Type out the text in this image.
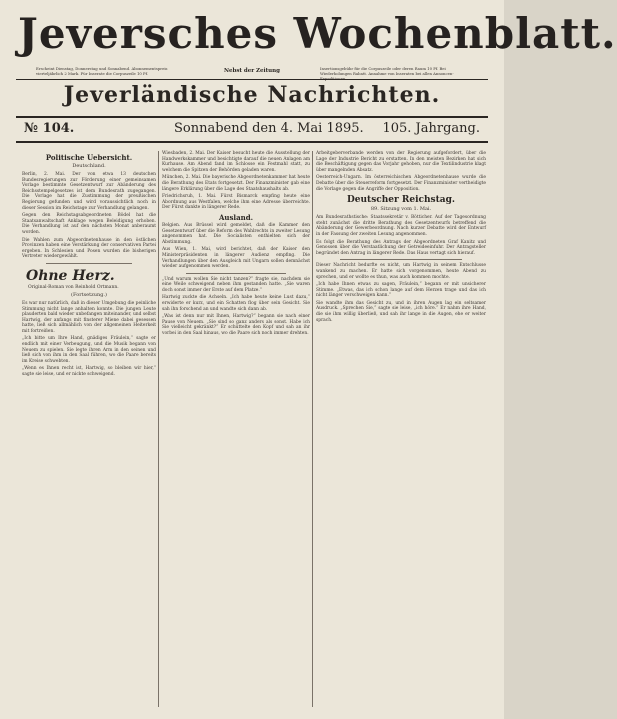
Jeversches Wochenblatt.
Erscheint Dienstag, Donnerstag und Sonnabend. Abonnementspreis vierteljährlich 2 Mark. Für Inserate die Corpuszeile 10 Pf.	Nebst der Zeitung	Insertionsgebühr für die Corpuszeile oder deren Raum 10 Pf. Bei Wiederholungen Rabatt. Annahme von Inseraten bei allen Annoncen-
Jeverländische Nachrichten.
№ 104.	Sonnabend den 4. Mai 1895. 105. Jahrgang.
Politische Uebersicht.
Deutschland.

Berlin, 2. Mai. Der von etwa 13 deutschen Bundesregierungen zur Förderung einer gemeinsamen Vorlage bestimmte Gesetzentwurf zur Abänderung des Reichsstempelgesetzes ist dem Bundesrath zugegangen. Die Vorlage hat die Zustimmung der preußischen Regierung gefunden und wird voraussichtlich noch in dieser Session im Reichstage zur Verhandlung gelangen.

Gegen den Reichstagsabgeordneten Bödel hat die Staatsanwaltschaft Anklage wegen Beleidigung erhoben. Die Verhandlung ist auf den nächsten Monat anberaumt worden.

Die Wahlen zum Abgeordnetenhause in den östlichen Provinzen haben eine Verstärkung der conservativen Partei ergeben. In Schlesien und Posen wurden die bisherigen Vertreter wiedergewählt.

Ohne Herz.
Original-Roman von Reinhold Ortmann.
(Fortsetzung.)

Es war nur natürlich, daß in dieser Umgebung die peinliche Stimmung nicht lange anhalten konnte. Die jungen Leute plauderten bald wieder unbefangen miteinander, und selbst Hartwig, der anfangs mit finsterer Miene dabei gesessen hatte, ließ sich allmählich von der allgemeinen Heiterkeit mit fortreißen.

„Ich bitte um Ihre Hand, gnädiges Fräulein,“ sagte er endlich mit einer Verbeugung, und die Musik begann von Neuem zu spielen. Sie legte ihren Arm in den seinen und ließ sich von ihm in den Saal führen, wo die Paare bereits im Kreise schwebten.

„Wenn es Ihnen recht ist, Hartwig, so bleiben wir hier,“ sagte sie leise, und er nickte schweigend.

Wiesbaden, 2. Mai. Der Kaiser besucht heute die Ausstellung der Handwerkskammer und besichtigte darauf die neuen Anlagen am Kurhause. Am Abend fand im Schlosse ein Festmahl statt, zu welchem die Spitzen der Behörden geladen waren.

München, 2. Mai. Die bayerische Abgeordnetenkammer hat heute die Berathung des Etats fortgesetzt. Der Finanzminister gab eine längere Erklärung über die Lage des Staatshaushalts ab.

Friedrichsruh, 1. Mai. Fürst Bismarck empfing heute eine Abordnung aus Westfalen, welche ihm eine Adresse überreichte. Der Fürst dankte in längerer Rede.

Ausland.

Belgien. Aus Brüssel wird gemeldet, daß die Kammer den Gesetzentwurf über die Reform des Wahlrechts in zweiter Lesung angenommen hat. Die Socialisten enthielten sich der Abstimmung.

Aus Wien, 1. Mai, wird berichtet, daß der Kaiser den Ministerpräsidenten in längerer Audienz empfing. Die Verhandlungen über den Ausgleich mit Ungarn sollen demnächst wieder aufgenommen werden.

„Und warum wollen Sie nicht tanzen?“ fragte sie, nachdem sie eine Weile schweigend neben ihm gestanden hatte. „Sie waren doch sonst immer der Erste auf dem Platze.“

Hartwig zuckte die Achseln. „Ich habe heute keine Lust dazu,“ erwiderte er kurz, und ein Schatten flog über sein Gesicht. Sie sah ihn forschend an und wandte sich dann ab.

„Was ist denn nur mit Ihnen, Hartwig?“ begann sie nach einer Pause von Neuem. „Sie sind so ganz anders als sonst. Habe ich Sie vielleicht gekränkt?“ Er schüttelte den Kopf und sah an ihr vorbei in den Saal hinaus, wo die Paare sich noch immer drehten.

Arbeitgeberverbande werden von der Regierung aufgefordert, über die Lage der Industrie Bericht zu erstatten. In den meisten Bezirken hat sich die Beschäftigung gegen das Vorjahr gehoben, nur die Textilindustrie klagt über mangelnden Absatz.

Oesterreich-Ungarn. Im österreichischen Abgeordnetenhause wurde die Debatte über die Steuerreform fortgesetzt. Der Finanzminister vertheidigte die Vorlage gegen die Angriffe der Opposition.

Deutscher Reichstag.
89. Sitzung vom 1. Mai.

Am Bundesrathstische: Staatssekretär v. Bötticher. Auf der Tagesordnung steht zunächst die dritte Berathung des Gesetzentwurfs betreffend die Abänderung der Gewerbeordnung. Nach kurzer Debatte wird der Entwurf in der Fassung der zweiten Lesung angenommen.

Es folgt die Berathung des Antrags der Abgeordneten Graf Kanitz und Genossen über die Verstaatlichung der Getreideeinfuhr. Der Antragsteller begründet den Antrag in längerer Rede. Das Haus vertagt sich hierauf.

Dieser Nachricht bedurfte es nicht, um Hartwig in seinem Entschlusse wankend zu machen. Er hatte sich vorgenommen, heute Abend zu sprechen, und er wollte es thun, was auch kommen mochte.

„Ich habe Ihnen etwas zu sagen, Fräulein,“ begann er mit unsicherer Stimme. „Etwas, das ich schon lange auf dem Herzen trage und das ich nicht länger verschweigen kann.“

Sie wandte ihm das Gesicht zu, und in ihren Augen lag ein seltsamer Ausdruck. „Sprechen Sie,“ sagte sie leise, „ich höre.“ Er nahm ihre Hand, die sie ihm willig überließ, und sah ihr lange in die Augen, ehe er weiter sprach.
